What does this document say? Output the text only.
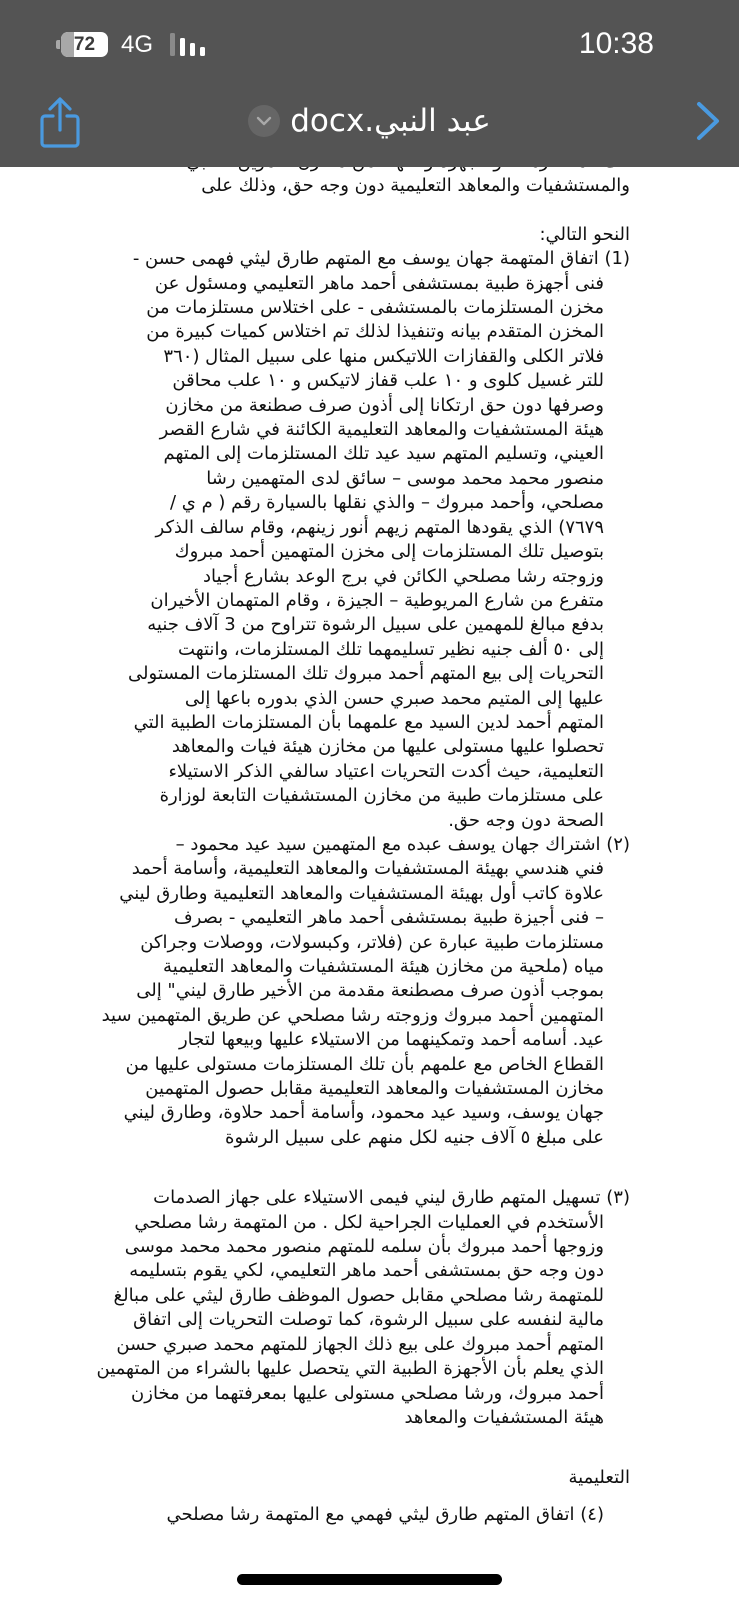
72	4G	10:38
عبد النبي.docx

والمستشفيات والمعاهد التعليمية دون وجه حق، وذلك على

النحو التالي:

(1) اتفاق المتهمة جهان يوسف مع المتهم طارق ليثي فهمى حسن -
فنى أجهزة طبية بمستشفى أحمد ماهر التعليمي ومسئول عن
مخزن المستلزمات بالمستشفى - على اختلاس مستلزمات من
المخزن المتقدم بيانه وتنفيذا لذلك تم اختلاس كميات كبيرة من
فلاتر الكلى والقفازات اللاتيكس منها على سبيل المثال (٣٦٠
للتر غسيل كلوى و ١٠ علب قفاز لاتيكس و ١٠ علب محاقن
وصرفها دون حق ارتكانا إلى أذون صرف صطنعة من مخازن
هيئة المستشفيات والمعاهد التعليمية الكائنة في شارع القصر
العيني، وتسليم المتهم سيد عيد تلك المستلزمات إلى المتهم
منصور محمد محمد موسى – سائق لدى المتهمين رشا
مصلحي، وأحمد مبروك – والذي نقلها بالسيارة رقم ( م ي /
٧٦٧٩) الذي يقودها المتهم زيهم أنور زينهم، وقام سالف الذكر
بتوصيل تلك المستلزمات إلى مخزن المتهمين أحمد مبروك
وزوجته رشا مصلحي الكائن في برج الوعد بشارع أجياد
متفرع من شارع المريوطية – الجيزة ، وقام المتهمان الأخيران
بدفع مبالغ للمهمين على سبيل الرشوة تتراوح من 3 آلاف جنيه
إلى ٥٠ ألف جنيه نظير تسليمهما تلك المستلزمات، وانتهت
التحريات إلى بيع المتهم أحمد مبروك تلك المستلزمات المستولى
عليها إلى المتيم محمد صبري حسن الذي بدوره باعها إلى
المتهم أحمد لدين السيد مع علمهما بأن المستلزمات الطبية التي
تحصلوا عليها مستولى عليها من مخازن هيئة فيات والمعاهد
التعليمية، حيث أكدت التحريات اعتياد سالفي الذكر الاستيلاء
على مستلزمات طبية من مخازن المستشفيات التابعة لوزارة
الصحة دون وجه حق.

(٢) اشتراك جهان يوسف عبده مع المتهمين سيد عيد محمود –
فني هندسي بهيئة المستشفيات والمعاهد التعليمية، وأسامة أحمد
علاوة كاتب أول بهيئة المستشفيات والمعاهد التعليمية وطارق ليني
– فنى أجيزة طبية بمستشفى أحمد ماهر التعليمي - بصرف
مستلزمات طبية عبارة عن (فلاتر، وكبسولات، ووصلات وجراكن
مياه (ملحية من مخازن هيئة المستشفيات والمعاهد التعليمية
بموجب أذون صرف مصطنعة مقدمة من الأخير طارق ليني" إلى
المتهمين أحمد مبروك وزوجته رشا مصلحي عن طريق المتهمين سيد
عيد. أسامه أحمد وتمكينهما من الاستيلاء عليها وبيعها لتجار
القطاع الخاص مع علمهم بأن تلك المستلزمات مستولى عليها من
مخازن المستشفيات والمعاهد التعليمية مقابل حصول المتهمين
جهان يوسف، وسيد عيد محمود، وأسامة أحمد حلاوة، وطارق ليني
على مبلغ ٥ آلاف جنيه لكل منهم على سبيل الرشوة

(٣) تسهيل المتهم طارق ليني فيمى الاستيلاء على جهاز الصدمات
الأستخدم في العمليات الجراحية لكل . من المتهمة رشا مصلحي
وزوجها أحمد مبروك بأن سلمه للمتهم منصور محمد محمد موسى
دون وجه حق بمستشفى أحمد ماهر التعليمي، لكي يقوم بتسليمه
للمتهمة رشا مصلحي مقابل حصول الموظف طارق ليثي على مبالغ
مالية لنفسه على سبيل الرشوة، كما توصلت التحريات إلى اتفاق
المتهم أحمد مبروك على بيع ذلك الجهاز للمتهم محمد صبري حسن
الذي يعلم بأن الأجهزة الطبية التي يتحصل عليها بالشراء من المتهمين
أحمد مبروك، ورشا مصلحي مستولى عليها بمعرفتهما من مخازن
هيئة المستشفيات والمعاهد

التعليمية

(٤) اتفاق المتهم طارق ليثي فهمي مع المتهمة رشا مصلحي
